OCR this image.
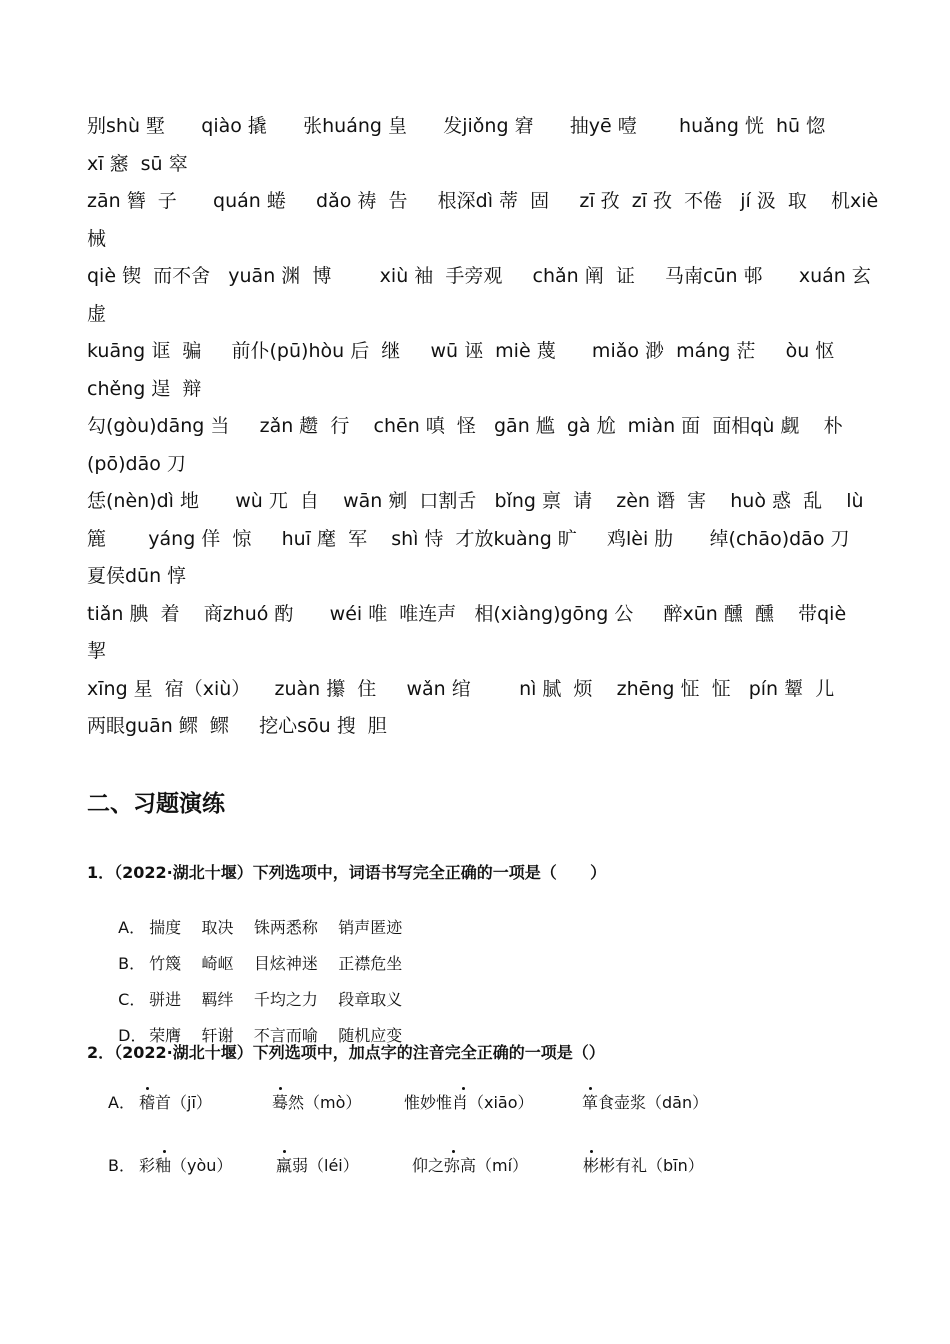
别shù 墅      qiào 撬      张huáng 皇      发jiǒng 窘      抽yē 噎       huǎng 恍  hū 惚
xī 窸  sū 窣
zān 簪  子      quán 蜷     dǎo 祷  告     根深dì 蒂  固     zī 孜  zī 孜  不倦   jí 汲  取    机xiè
械
qiè 锲  而不舍   yuān 渊  博        xiù 袖  手旁观     chǎn 阐  证     马南cūn 邨      xuán 玄
虚
kuāng 诓  骗     前仆(pū)hòu 后  继     wū 诬  miè 蔑      miǎo 渺  máng 茫     òu 怄
chěng 逞  辩
勾(gòu)dāng 当     zǎn 趱  行    chēn 嗔  怪   gān 尴  gà 尬  miàn 面  面相qù 觑    朴
(pō)dāo 刀
恁(nèn)dì 地      wù 兀  自    wān 剜  口割舌   bǐng 禀  请    zèn 谮  害    huò 惑  乱    lù
簏       yáng 佯  惊     huī 麾  军    shì 恃  才放kuàng 旷     鸡lèi 肋      绰(chāo)dāo 刀
夏侯dūn 惇
tiǎn 腆  着    商zhuó 酌      wéi 唯  唯连声   相(xiàng)gōng 公     醉xūn 醺  醺    带qiè
挈
xīng 星  宿（xiù）    zuàn 攥  住     wǎn 绾        nì 腻  烦    zhēng 怔  怔   pín 颦  儿
两眼guān 鳏  鳏     挖心sōu 搜  胆
二、习题演练
1．（2022·湖北十堰）下列选项中，词语书写完全正确的一项是（      ）

A． 揣度    取决    铢两悉称    销声匿迹

B． 竹篾    崎岖    目炫神迷    正襟危坐

C． 骈进    羁绊    千均之力    段章取义

D． 荣膺    轩谢    不言而喻    随机应变

2．（2022·湖北十堰）下列选项中，加点字的注音完全正确的一项是（）
A． 稽首（jī）	蓦然（mò）	惟妙惟肖（xiāo）	箪食壶浆（dān）
B． 彩釉（yòu）	羸弱（léi）	仰之弥高（mí）	彬彬有礼（bīn）
